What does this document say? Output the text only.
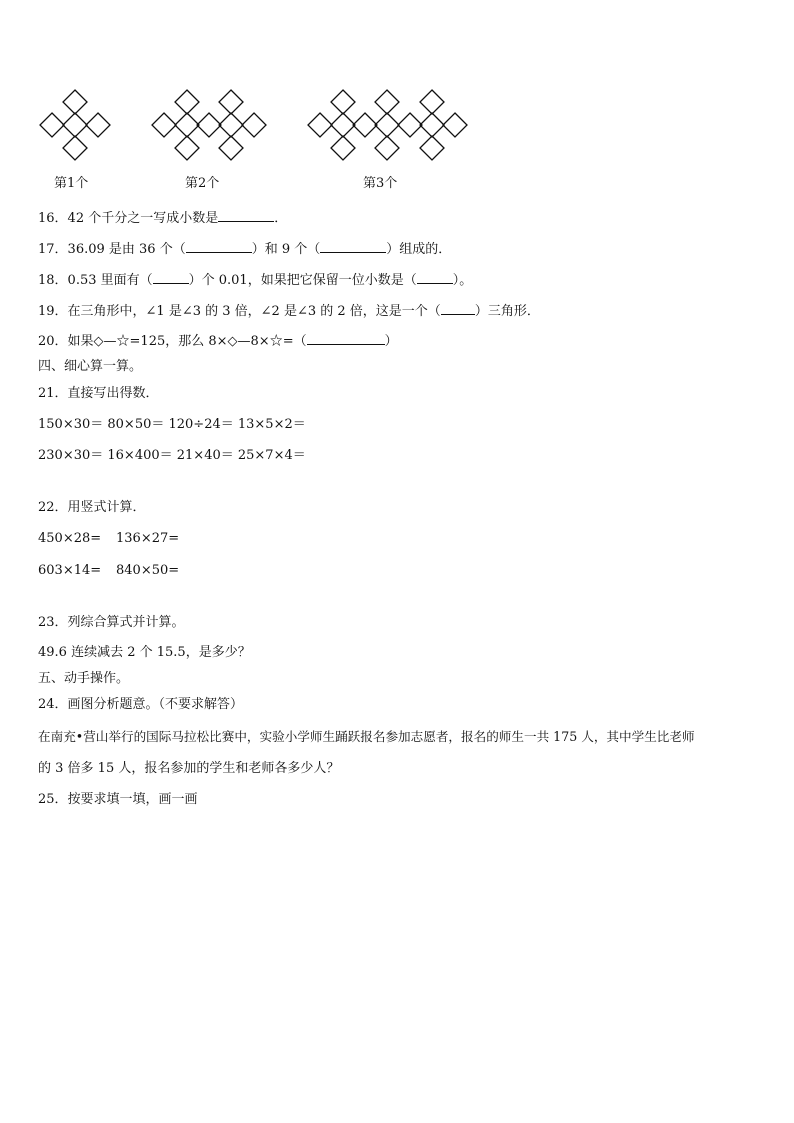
第1个	第2个	第3个
16．42 个千分之一写成小数是	．
17．36.09 是由 36 个（	）和 9 个（	）组成的．
18．0.53 里面有（	）个 0.01，如果把它保留一位小数是（	）。
19．在三角形中，∠1 是∠3 的 3 倍，∠2 是∠3 的 2 倍，这是一个（	）三角形．
20．如果◇—☆=125，那么 8×◇—8×☆=（	）
四、细心算一算。
21．直接写出得数．
150×30＝ 80×50＝ 120÷24＝ 13×5×2＝
230×30＝ 16×400＝ 21×40＝ 25×7×4＝
22．用竖式计算．
450×28= 136×27=
603×14= 840×50=
23．列综合算式并计算。
49.6 连续减去 2 个 15.5，是多少？
五、动手操作。
24．画图分析题意。（不要求解答）
在南充•营山举行的国际马拉松比赛中，实验小学师生踊跃报名参加志愿者，报名的师生一共 175 人，其中学生比老师
的 3 倍多 15 人，报名参加的学生和老师各多少人？
25．按要求填一填，画一画
